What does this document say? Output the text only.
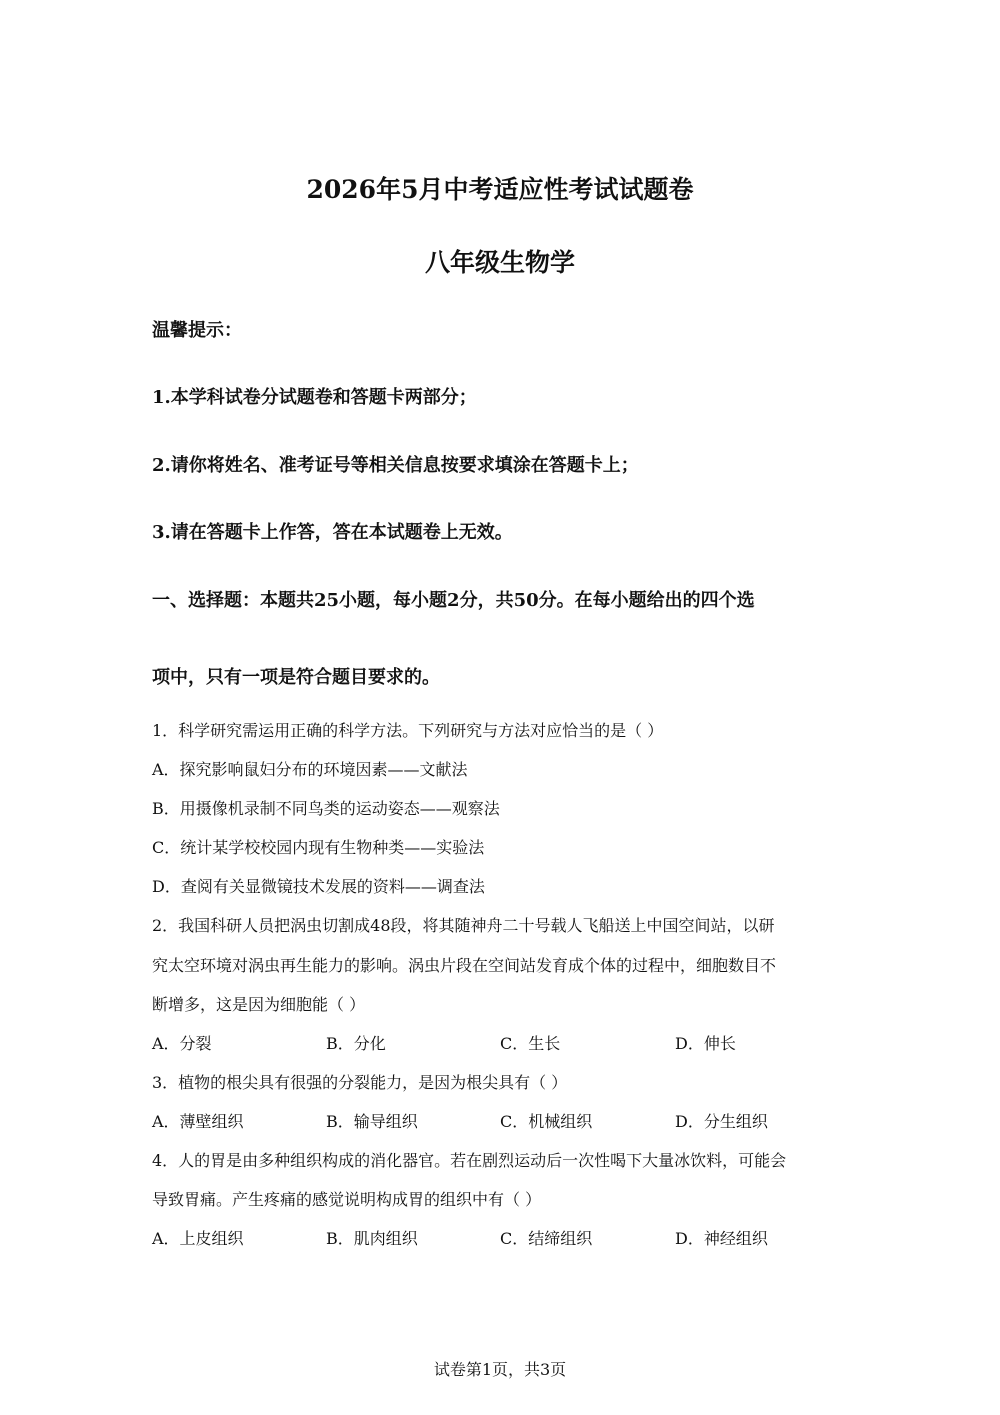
2026年5月中考适应性考试试题卷
八年级生物学
温馨提示：
1.本学科试卷分试题卷和答题卡两部分；
2.请你将姓名、准考证号等相关信息按要求填涂在答题卡上；
3.请在答题卡上作答，答在本试题卷上无效。
一、选择题：本题共25小题，每小题2分，共50分。在每小题给出的四个选
项中，只有一项是符合题目要求的。
1．科学研究需运用正确的科学方法。下列研究与方法对应恰当的是（ ）
A．探究影响鼠妇分布的环境因素——文献法
B．用摄像机录制不同鸟类的运动姿态——观察法
C．统计某学校校园内现有生物种类——实验法
D．查阅有关显微镜技术发展的资料——调查法
2．我国科研人员把涡虫切割成48段，将其随神舟二十号载人飞船送上中国空间站，以研
究太空环境对涡虫再生能力的影响。涡虫片段在空间站发育成个体的过程中，细胞数目不
断增多，这是因为细胞能（ ）
A．分裂	B．分化	C．生长	D．伸长
3．植物的根尖具有很强的分裂能力，是因为根尖具有（ ）
A．薄壁组织	B．输导组织	C．机械组织	D．分生组织
4．人的胃是由多种组织构成的消化器官。若在剧烈运动后一次性喝下大量冰饮料，可能会
导致胃痛。产生疼痛的感觉说明构成胃的组织中有（ ）
A．上皮组织	B．肌肉组织	C．结缔组织	D．神经组织
试卷第1页，共3页
